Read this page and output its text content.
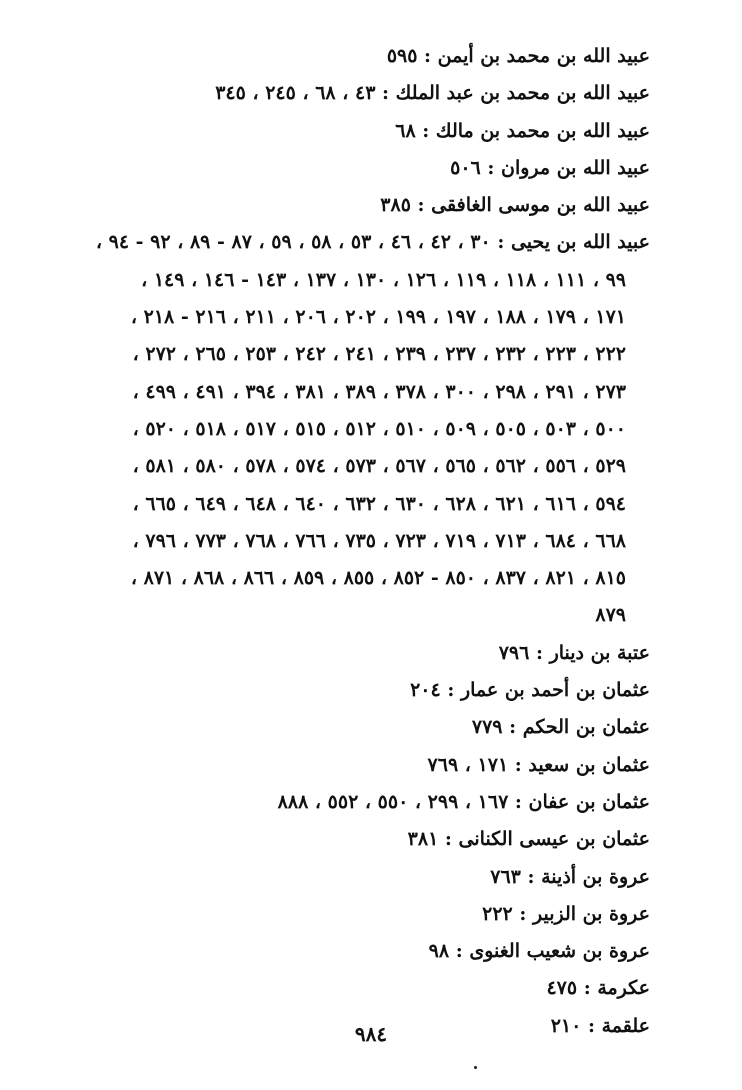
عبيد الله بن محمد بن أيمن : ٥٩٥
عبيد الله بن محمد بن عبد الملك : ٤٣ ، ٦٨ ، ٢٤٥ ، ٣٤٥
عبيد الله بن محمد بن مالك : ٦٨
عبيد الله بن مروان : ٥٠٦
عبيد الله بن موسى الغافقى : ٣٨٥
عبيد الله بن يحيى : ٣٠ ، ٤٢ ، ٤٦ ، ٥٣ ، ٥٨ ، ٥٩ ، ٨٧ - ٨٩ ، ٩٢ - ٩٤ ،
٩٩ ، ١١١ ، ١١٨ ، ١١٩ ، ١٢٦ ، ١٣٠ ، ١٣٧ ، ١٤٣ - ١٤٦ ، ١٤٩ ،
١٧١ ، ١٧٩ ، ١٨٨ ، ١٩٧ ، ١٩٩ ، ٢٠٢ ، ٢٠٦ ، ٢١١ ، ٢١٦ - ٢١٨ ،
٢٢٢ ، ٢٢٣ ، ٢٣٢ ، ٢٣٧ ، ٢٣٩ ، ٢٤١ ، ٢٤٢ ، ٢٥٣ ، ٢٦٥ ، ٢٧٢ ،
٢٧٣ ، ٢٩١ ، ٢٩٨ ، ٣٠٠ ، ٣٧٨ ، ٣٨٩ ، ٣٨١ ، ٣٩٤ ، ٤٩١ ، ٤٩٩ ،
٥٠٠ ، ٥٠٣ ، ٥٠٥ ، ٥٠٩ ، ٥١٠ ، ٥١٢ ، ٥١٥ ، ٥١٧ ، ٥١٨ ، ٥٢٠ ،
٥٢٩ ، ٥٥٦ ، ٥٦٢ ، ٥٦٥ ، ٥٦٧ ، ٥٧٣ ، ٥٧٤ ، ٥٧٨ ، ٥٨٠ ، ٥٨١ ،
٥٩٤ ، ٦١٦ ، ٦٢١ ، ٦٢٨ ، ٦٣٠ ، ٦٣٢ ، ٦٤٠ ، ٦٤٨ ، ٦٤٩ ، ٦٦٥ ،
٦٦٨ ، ٦٨٤ ، ٧١٣ ، ٧١٩ ، ٧٢٣ ، ٧٣٥ ، ٧٦٦ ، ٧٦٨ ، ٧٧٣ ، ٧٩٦ ،
٨١٥ ، ٨٢١ ، ٨٣٧ ، ٨٥٠ - ٨٥٢ ، ٨٥٥ ، ٨٥٩ ، ٨٦٦ ، ٨٦٨ ، ٨٧١ ،
٨٧٩
عتبة بن دينار : ٧٩٦
عثمان بن أحمد بن عمار : ٢٠٤
عثمان بن الحكم : ٧٧٩
عثمان بن سعيد : ١٧١ ، ٧٦٩
عثمان بن عفان : ١٦٧ ، ٢٩٩ ، ٥٥٠ ، ٥٥٢ ، ٨٨٨
عثمان بن عيسى الكنانى : ٣٨١
عروة بن أذينة : ٧٦٣
عروة بن الزبير : ٢٢٢
عروة بن شعيب الغنوى : ٩٨
عكرمة : ٤٧٥
علقمة : ٢١٠
٩٨٤
